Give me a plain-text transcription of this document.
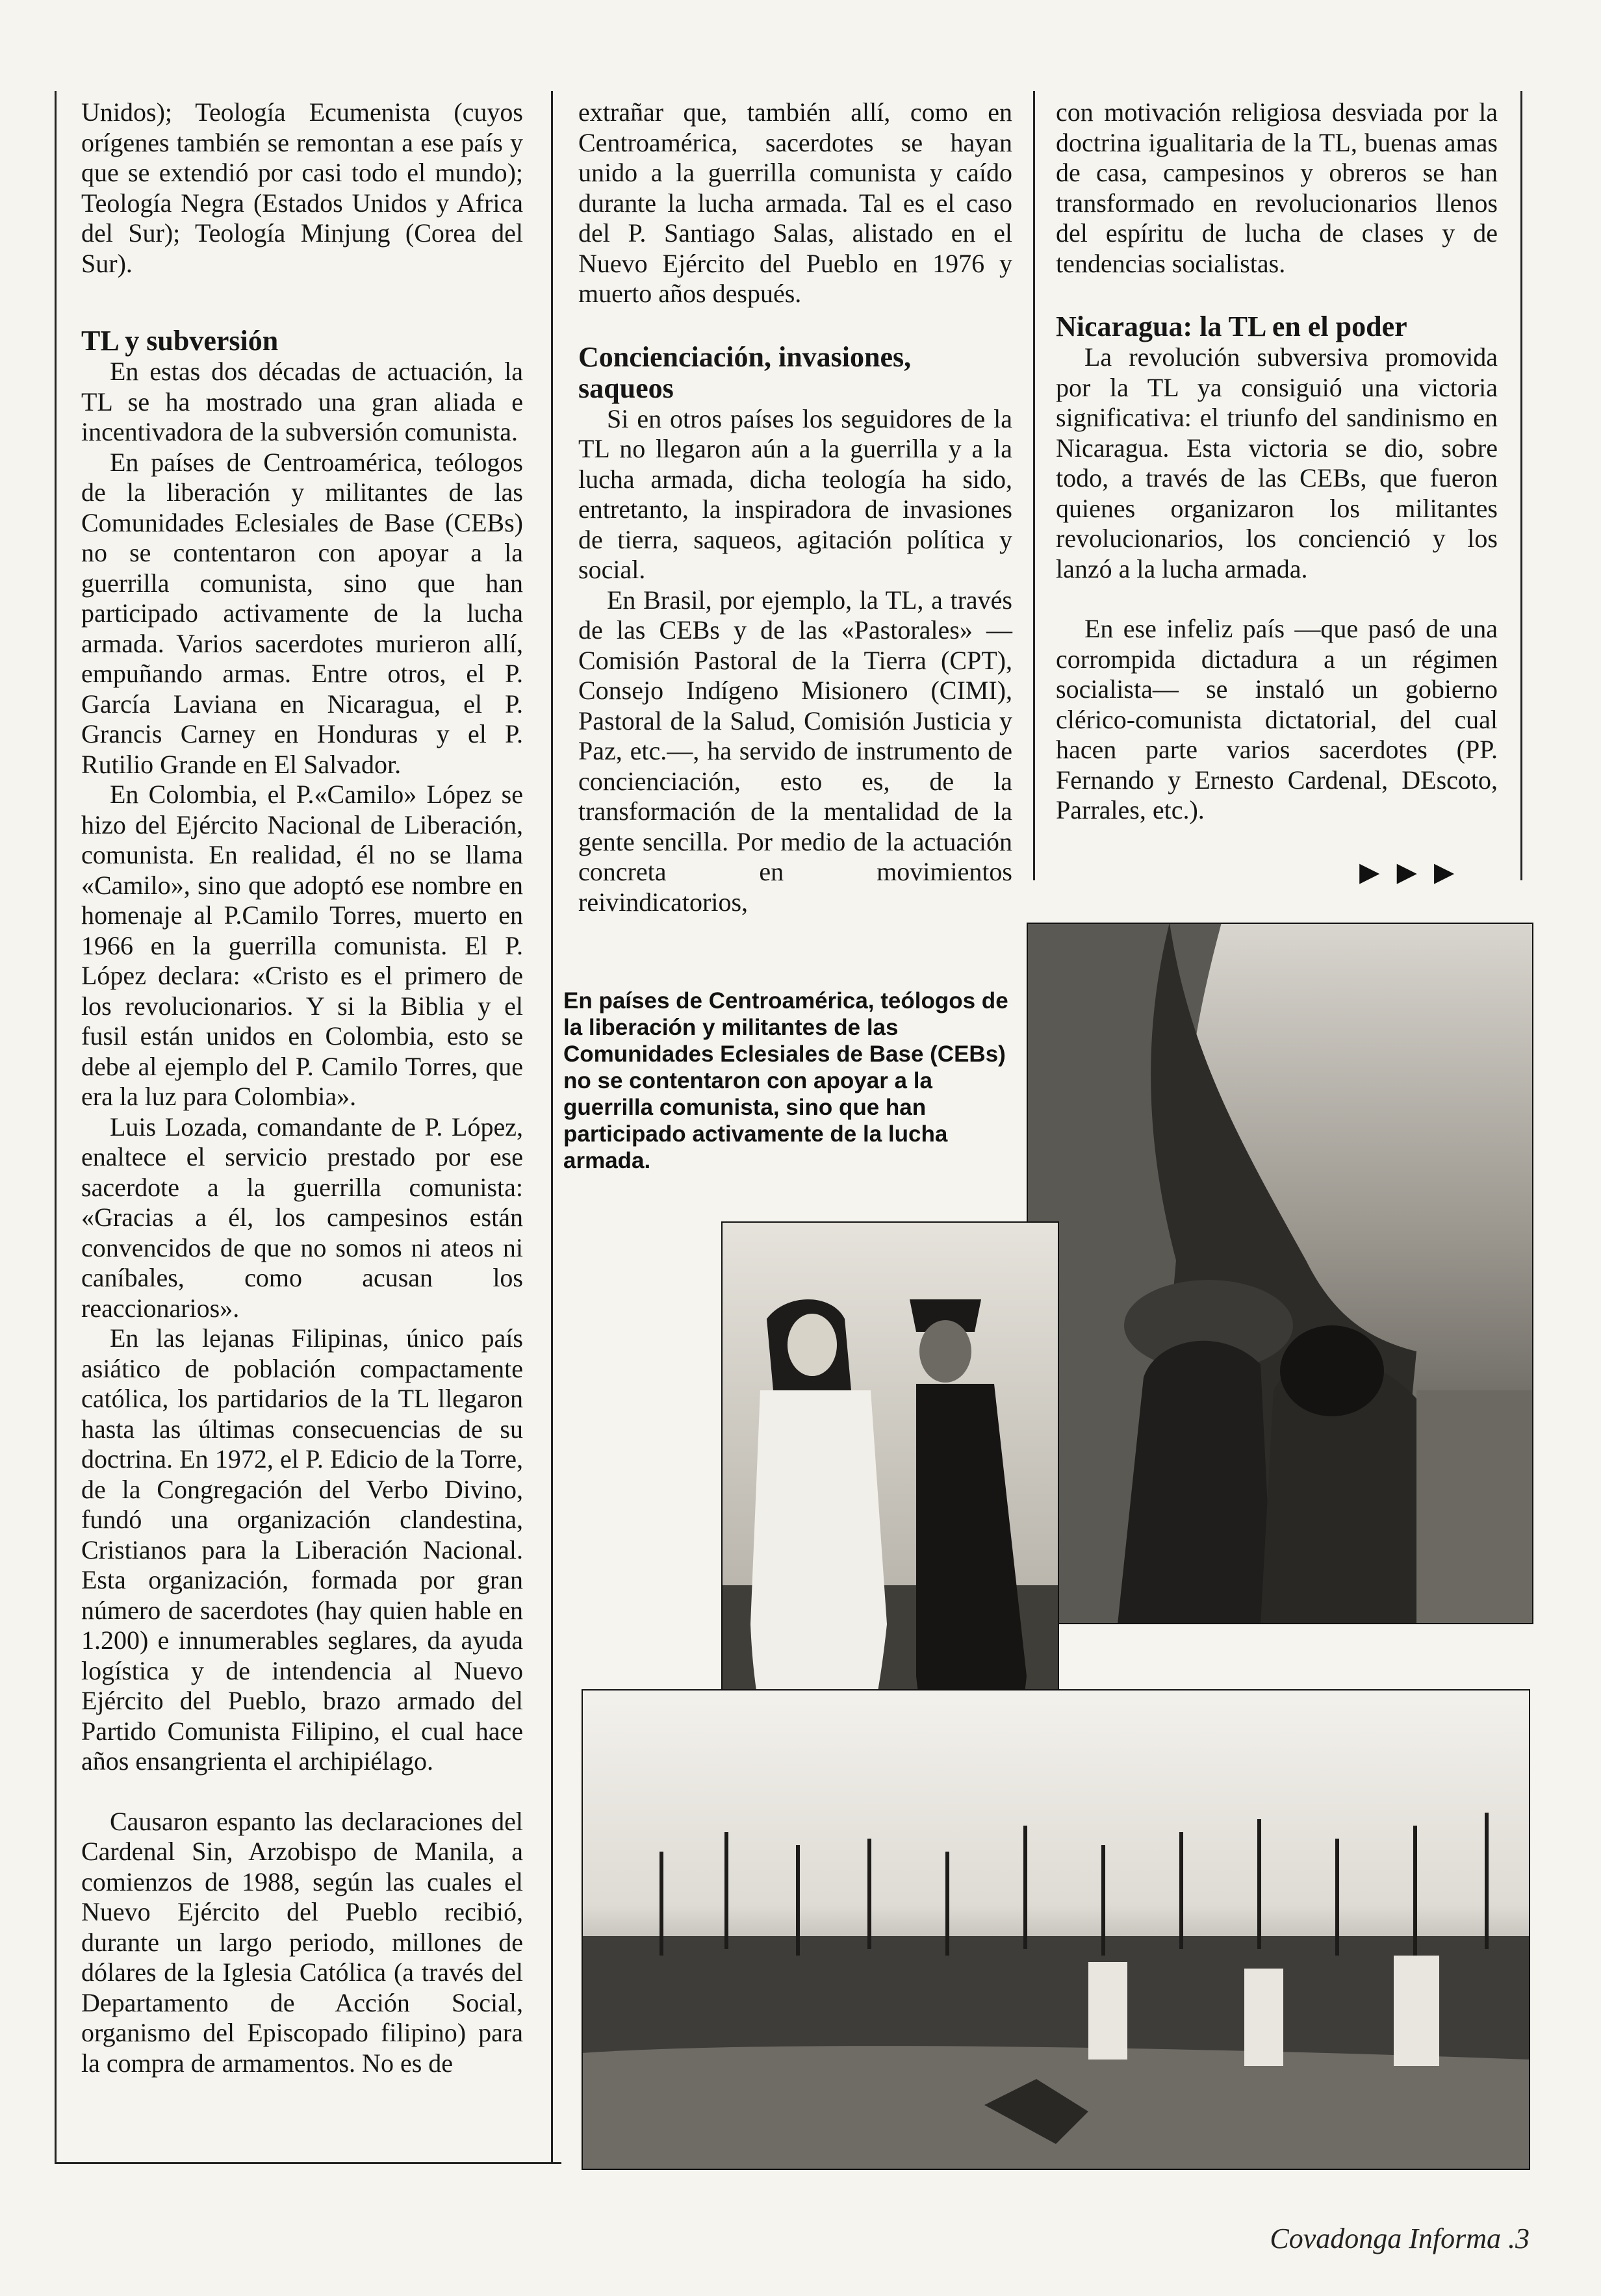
Unidos); Teología Ecumenista (cuyos orígenes también se remontan a ese país y que se extendió por casi todo el mundo); Teología Negra (Estados Unidos y Africa del Sur); Teología Minjung (Corea del Sur).

TL y subversión

En estas dos décadas de actuación, la TL se ha mostrado una gran aliada e incentivadora de la subversión comunista.

En países de Centroamérica, teólogos de la liberación y militantes de las Comunidades Eclesiales de Base (CEBs) no se contentaron con apoyar a la guerrilla comunista, sino que han participado activamente de la lucha armada. Varios sacerdotes murieron allí, empuñando armas. Entre otros, el P. García Laviana en Nicaragua, el P. Grancis Carney en Honduras y el P. Rutilio Grande en El Salvador.

En Colombia, el P.«Camilo» López se hizo del Ejército Nacional de Liberación, comunista. En realidad, él no se llama «Camilo», sino que adoptó ese nombre en homenaje al P.Camilo Torres, muerto en 1966 en la guerrilla comunista. El P. López declara: «Cristo es el primero de los revolucionarios. Y si la Biblia y el fusil están unidos en Colombia, esto se debe al ejemplo del P. Camilo Torres, que era la luz para Colombia».

Luis Lozada, comandante de P. López, enaltece el servicio prestado por ese sacerdote a la guerrilla comunista: «Gracias a él, los campesinos están convencidos de que no somos ni ateos ni caníbales, como acusan los reaccionarios».

En las lejanas Filipinas, único país asiático de población compactamente católica, los partidarios de la TL llegaron hasta las últimas consecuencias de su doctrina. En 1972, el P. Edicio de la Torre, de la Congregación del Verbo Divino, fundó una organización clandestina, Cristianos para la Liberación Nacional. Esta organización, formada por gran número de sacerdotes (hay quien hable en 1.200) e innumerables seglares, da ayuda logística y de intendencia al Nuevo Ejército del Pueblo, brazo armado del Partido Comunista Filipino, el cual hace años ensangrienta el archipiélago.

Causaron espanto las declaraciones del Cardenal Sin, Arzobispo de Manila, a comienzos de 1988, según las cuales el Nuevo Ejército del Pueblo recibió, durante un largo periodo, millones de dólares de la Iglesia Católica (a través del Departamento de Acción Social, organismo del Episcopado filipino) para la compra de armamentos. No es de

extrañar que, también allí, como en Centroamérica, sacerdotes se hayan unido a la guerrilla comunista y caído durante la lucha armada. Tal es el caso del P. Santiago Salas, alistado en el Nuevo Ejército del Pueblo en 1976 y muerto años después.

Concienciación, invasiones, saqueos

Si en otros países los seguidores de la TL no llegaron aún a la guerrilla y a la lucha armada, dicha teología ha sido, entretanto, la inspiradora de invasiones de tierra, saqueos, agitación política y social.

En Brasil, por ejemplo, la TL, a través de las CEBs y de las «Pastorales» —Comisión Pastoral de la Tierra (CPT), Consejo Indígeno Misionero (CIMI), Pastoral de la Salud, Comisión Justicia y Paz, etc.—, ha servido de instrumento de concienciación, esto es, de la transformación de la mentalidad de la gente sencilla. Por medio de la actuación concreta en movimientos reivindicatorios,

con motivación religiosa desviada por la doctrina igualitaria de la TL, buenas amas de casa, campesinos y obreros se han transformado en revolucionarios llenos del espíritu de lucha de clases y de tendencias socialistas.

Nicaragua: la TL en el poder

La revolución subversiva promovida por la TL ya consiguió una victoria significativa: el triunfo del sandinismo en Nicaragua. Esta victoria se dio, sobre todo, a través de las CEBs, que fueron quienes organizaron los militantes revolucionarios, los concienció y los lanzó a la lucha armada.

En ese infeliz país —que pasó de una corrompida dictadura a un régimen socialista— se instaló un gobierno clérico-comunista dictatorial, del cual hacen parte varios sacerdotes (PP. Fernando y Ernesto Cardenal, DEscoto, Parrales, etc.).

►►►
En países de Centroamérica, teólogos de la liberación y militantes de las Comunidades Eclesiales de Base (CEBs) no se contentaron con apoyar a la guerrilla comunista, sino que han participado activamente de la lucha armada.
Covadonga Informa .3
